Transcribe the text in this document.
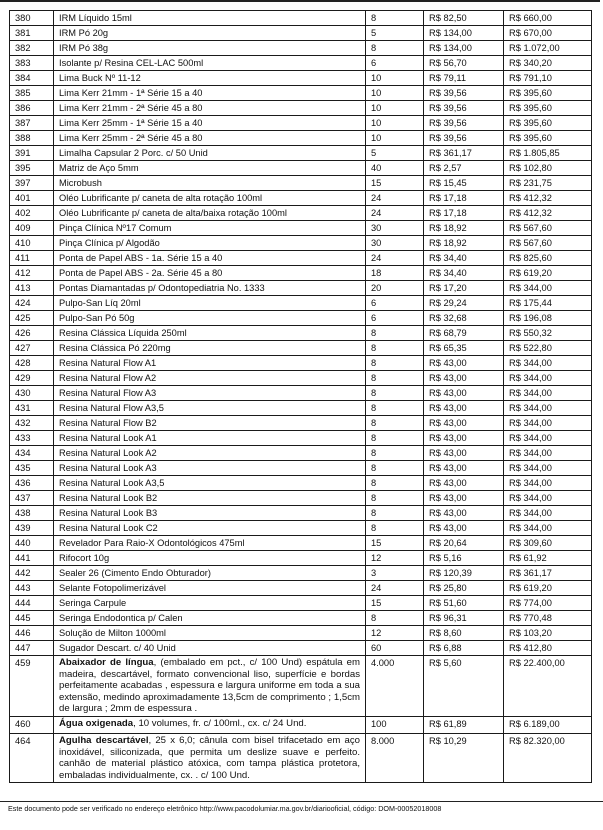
380	IRM Líquido 15ml	8	R$ 82,50	R$ 660,00
381	IRM Pó 20g	5	R$ 134,00	R$ 670,00
382	IRM Pó 38g	8	R$ 134,00	R$ 1.072,00
383	Isolante p/ Resina CEL-LAC 500ml	6	R$ 56,70	R$ 340,20
384	Lima Buck Nº 11-12	10	R$ 79,11	R$ 791,10
385	Lima Kerr 21mm - 1ª Série 15 a 40	10	R$ 39,56	R$ 395,60
386	Lima Kerr 21mm - 2ª Série 45 a 80	10	R$ 39,56	R$ 395,60
387	Lima Kerr 25mm - 1ª Série 15 a 40	10	R$ 39,56	R$ 395,60
388	Lima Kerr 25mm - 2ª Série 45 a 80	10	R$ 39,56	R$ 395,60
391	Limalha Capsular 2 Porc. c/ 50 Unid	5	R$ 361,17	R$ 1.805,85
395	Matriz de Aço 5mm	40	R$ 2,57	R$ 102,80
397	Microbush	15	R$ 15,45	R$ 231,75
401	Oléo Lubrificante p/ caneta de alta rotação 100ml	24	R$ 17,18	R$ 412,32
402	Oléo Lubrificante p/ caneta de alta/baixa rotação 100ml	24	R$ 17,18	R$ 412,32
409	Pinça Clínica Nº17 Comum	30	R$ 18,92	R$ 567,60
410	Pinça Clínica p/ Algodão	30	R$ 18,92	R$ 567,60
411	Ponta de Papel ABS - 1a. Série 15 a 40	24	R$ 34,40	R$ 825,60
412	Ponta de Papel ABS - 2a. Série 45 a 80	18	R$ 34,40	R$ 619,20
413	Pontas Diamantadas p/ Odontopediatria No. 1333	20	R$ 17,20	R$ 344,00
424	Pulpo-San Líq 20ml	6	R$ 29,24	R$ 175,44
425	Pulpo-San Pó 50g	6	R$ 32,68	R$ 196,08
426	Resina Clássica Líquida 250ml	8	R$ 68,79	R$ 550,32
427	Resina Clássica Pó 220mg	8	R$ 65,35	R$ 522,80
428	Resina Natural Flow A1	8	R$ 43,00	R$ 344,00
429	Resina Natural Flow A2	8	R$ 43,00	R$ 344,00
430	Resina Natural Flow A3	8	R$ 43,00	R$ 344,00
431	Resina Natural Flow A3,5	8	R$ 43,00	R$ 344,00
432	Resina Natural Flow B2	8	R$ 43,00	R$ 344,00
433	Resina Natural Look A1	8	R$ 43,00	R$ 344,00
434	Resina Natural Look A2	8	R$ 43,00	R$ 344,00
435	Resina Natural Look A3	8	R$ 43,00	R$ 344,00
436	Resina Natural Look A3,5	8	R$ 43,00	R$ 344,00
437	Resina Natural Look B2	8	R$ 43,00	R$ 344,00
438	Resina Natural Look B3	8	R$ 43,00	R$ 344,00
439	Resina Natural Look C2	8	R$ 43,00	R$ 344,00
440	Revelador Para Raio-X Odontológicos 475ml	15	R$ 20,64	R$ 309,60
441	Rifocort 10g	12	R$ 5,16	R$ 61,92
442	Sealer 26 (Cimento Endo Obturador)	3	R$ 120,39	R$ 361,17
443	Selante Fotopolimerizável	24	R$ 25,80	R$ 619,20
444	Seringa Carpule	15	R$ 51,60	R$ 774,00
445	Seringa Endodontica p/ Calen	8	R$ 96,31	R$ 770,48
446	Solução de Milton 1000ml	12	R$ 8,60	R$ 103,20
447	Sugador Descart. c/ 40 Unid	60	R$ 6,88	R$ 412,80
459	Abaixador de língua, (embalado em pct., c/ 100 Und) espátula em madeira, descartável, formato convencional liso, superfície e bordas perfeitamente acabadas , espessura e largura uniforme em toda a sua extensão, medindo aproximadamente 13,5cm de comprimento ; 1,5cm de largura ; 2mm de espessura .	4.000	R$ 5,60	R$ 22.400,00
460	Água oxigenada, 10 volumes, fr. c/ 100ml., cx. c/ 24 Und.	100	R$ 61,89	R$ 6.189,00
464	Agulha descartável, 25 x 6,0; cânula com bisel trifacetado em aço inoxidável, siliconizada, que permita um deslize suave e perfeito. canhão de material plástico atóxica, com tampa plástica protetora, embaladas individualmente, cx. . c/ 100 Und.	8.000	R$ 10,29	R$ 82.320,00
Este documento pode ser verificado no endereço eletrônico http://www.pacodolumiar.ma.gov.br/diariooficial, código: DOM-00052018008
